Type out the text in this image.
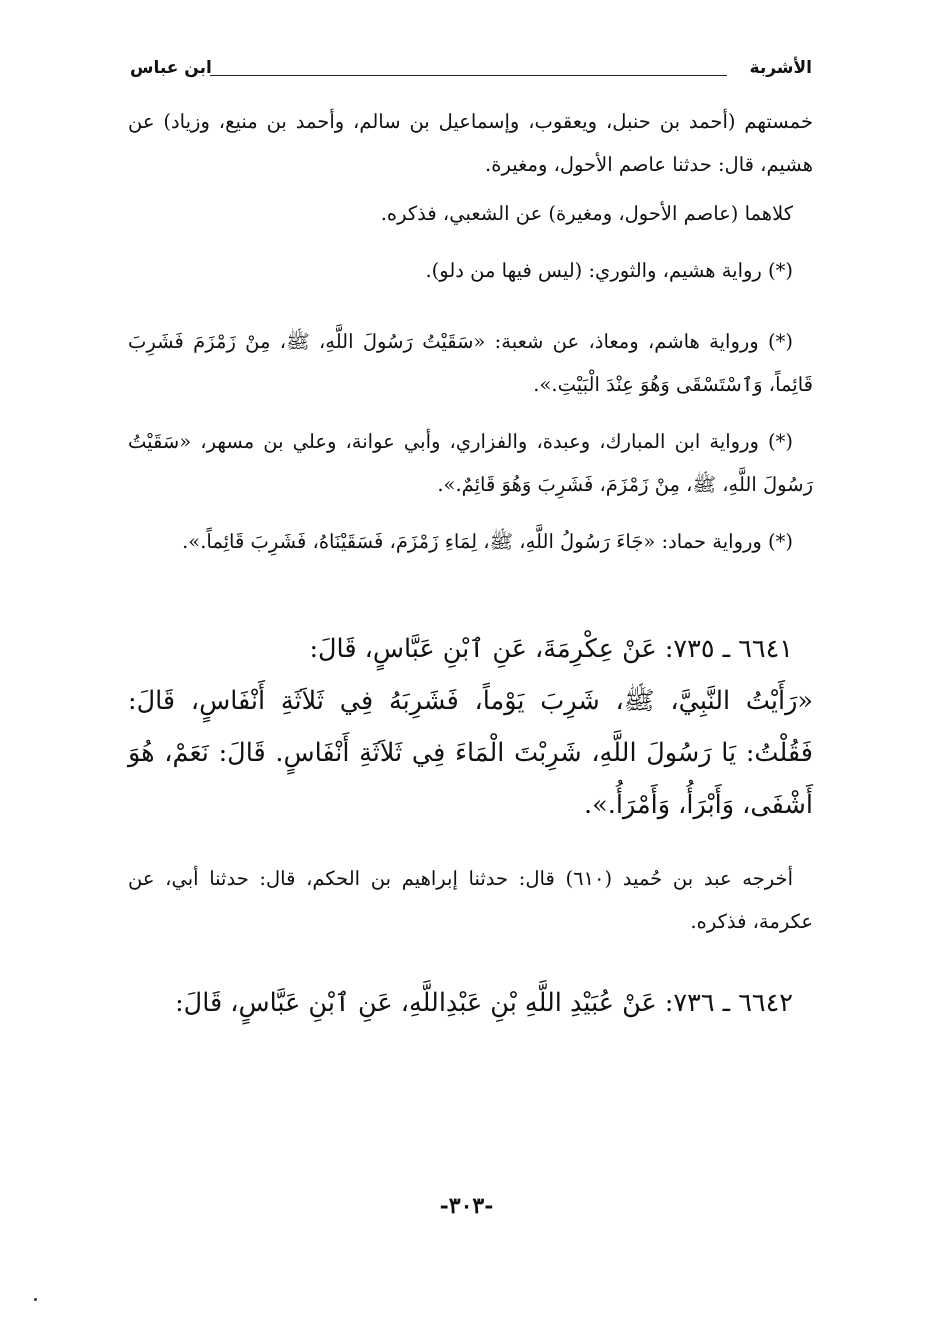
الأشربة
ابن عباس

خمستهم (أحمد بن حنبل، ويعقوب، وإسماعيل بن سالم، وأحمد بن منيع، وزياد) عن هشيم، قال: حدثنا عاصم الأحول، ومغيرة.

كلاهما (عاصم الأحول، ومغيرة) عن الشعبي، فذكره.

(*) رواية هشيم، والثوري: (ليس فيها من دلو).

(*) ورواية هاشم، ومعاذ، عن شعبة: «سَقَيْتُ رَسُولَ اللَّهِ، ﷺ، مِنْ زَمْزَمَ فَشَرِبَ قَائِماً، وَٱسْتَسْقَى وَهُوَ عِنْدَ الْبَيْتِ.».

(*) ورواية ابن المبارك، وعبدة، والفزاري، وأبي عوانة، وعلي بن مسهر، «سَقَيْتُ رَسُولَ اللَّهِ، ﷺ، مِنْ زَمْزَمَ، فَشَرِبَ وَهُوَ قَائِمٌ.».

(*) ورواية حماد: «جَاءَ رَسُولُ اللَّهِ، ﷺ، لِمَاءِ زَمْزَمَ، فَسَقَيْنَاهُ، فَشَرِبَ قَائِماً.».

٦٦٤١ ـ ٧٣٥: عَنْ عِكْرِمَةَ، عَنِ ٱبْنِ عَبَّاسٍ، قَالَ:

«رَأَيْتُ النَّبِيَّ، ﷺ، شَرِبَ يَوْماً، فَشَرِبَهُ فِي ثَلاَثَةِ أَنْفَاسٍ، قَالَ: فَقُلْتُ: يَا رَسُولَ اللَّهِ، شَرِبْتَ الْمَاءَ فِي ثَلاَثَةِ أَنْفَاسٍ. قَالَ: نَعَمْ، هُوَ أَشْفَى، وَأَبْرَأُ، وَأَمْرَأُ.».

أخرجه عبد بن حُميد (٦١٠) قال: حدثنا إبراهيم بن الحكم، قال: حدثنا أبي، عن عكرمة، فذكره.

٦٦٤٢ ـ ٧٣٦: عَنْ عُبَيْدِ اللَّهِ بْنِ عَبْدِاللَّهِ، عَنِ ٱبْنِ عَبَّاسٍ، قَالَ:

-٣٠٣-
